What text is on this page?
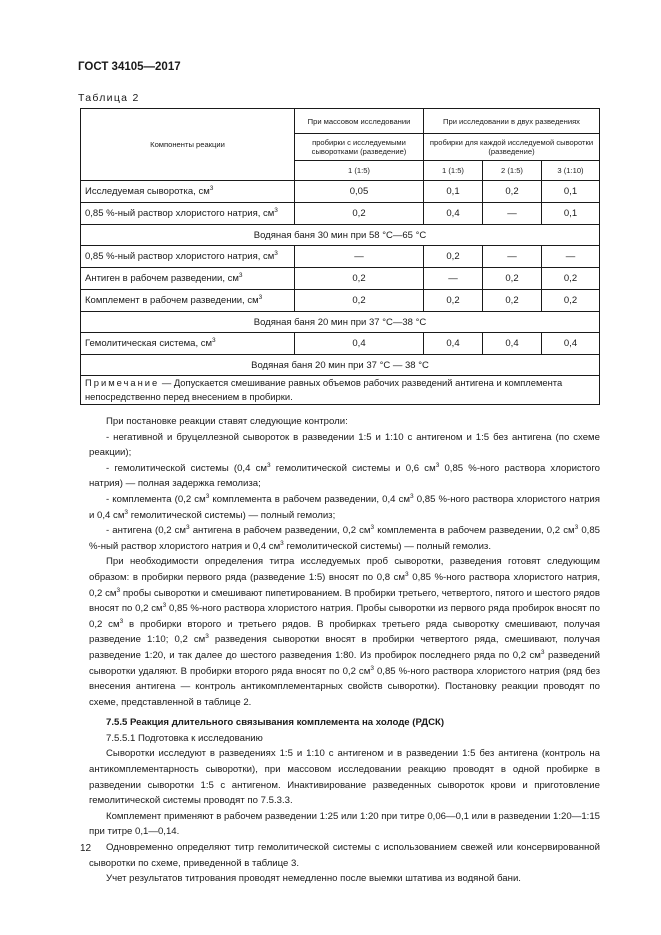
ГОСТ 34105—2017
Таблица 2
Компоненты реакции	При массовом исследовании	При исследовании в двух разведениях		
	пробирки с исследуемыми сыворотками (разведение)	пробирки для каждой исследуемой сыворотки (разведение)		
	1 (1:5)	1 (1:5)	2 (1:5)	3 (1:10)
Исследуемая сыворотка, $см^3$	0,05	0,1	0,2	0,1
0,85 %-ный раствор хлористого натрия, $см^3$	0,2	0,4	—	0,1
Водяная баня 30 мин при 58 °С—65 °С				
0,85 %-ный раствор хлористого натрия, $см^3$	—	0,2	—	—
Антиген в рабочем разведении, $см^3$	0,2	—	0,2	0,2
Комплемент в рабочем разведении, $см^3$	0,2	0,2	0,2	0,2
Водяная баня 20 мин при 37 °С—38 °С				
Гемолитическая система, $см^3$	0,4	0,4	0,4	0,4
Водяная баня 20 мин при 37 °С — 38 °С				
Примечание — Допускается смешивание равных объемов рабочих разведений антигена и комплемента непосредственно перед внесением в пробирки.				

При постановке реакции ставят следующие контроли:

- негативной и бруцеллезной сывороток в разведении 1:5 и 1:10 с антигеном и 1:5 без антигена (по схеме реакции);

- гемолитической системы (0,4 $см^3$ гемолитической системы и 0,6 $см^3$ 0,85 %-ного раствора хлористого натрия) — полная задержка гемолиза;

- комплемента (0,2 $см^3$ комплемента в рабочем разведении, 0,4 $см^3$ 0,85 %-ного раствора хлористого натрия и 0,4 $см^3$ гемолитической системы) — полный гемолиз;

- антигена (0,2 $см^3$ антигена в рабочем разведении, 0,2 $см^3$ комплемента в рабочем разведении, 0,2 $см^3$ 0,85 %-ный раствор хлористого натрия и 0,4 $см^3$ гемолитической системы) — полный гемолиз.

При необходимости определения титра исследуемых проб сыворотки, разведения готовят следующим образом: в пробирки первого ряда (разведение 1:5) вносят по 0,8 $см^3$ 0,85 %-ного раствора хлористого натрия, 0,2 $см^3$ пробы сыворотки и смешивают пипетированием. В пробирки третьего, четвертого, пятого и шестого рядов вносят по 0,2 $см^3$ 0,85 %-ного раствора хлористого натрия. Пробы сыворотки из первого ряда пробирок вносят по 0,2 $см^3$ в пробирки второго и третьего рядов. В пробирках третьего ряда сыворотку смешивают, получая разведение 1:10; 0,2 $см^3$ разведения сыворотки вносят в пробирки четвертого ряда, смешивают, получая разведение 1:20, и так далее до шестого разведения 1:80. Из пробирок последнего ряда по 0,2 $см^3$ разведений сыворотки удаляют. В пробирки второго ряда вносят по 0,2 $см^3$ 0,85 %-ного раствора хлористого натрия (ряд без внесения антигена — контроль антикомплементарных свойств сыворотки). Постановку реакции проводят по схеме, представленной в таблице 2.

7.5.5 Реакция длительного связывания комплемента на холоде (РДСК)

7.5.5.1 Подготовка к исследованию

Сыворотки исследуют в разведениях 1:5 и 1:10 с антигеном и в разведении 1:5 без антигена (контроль на антикомплементарность сыворотки), при массовом исследовании реакцию проводят в одной пробирке в разведении сыворотки 1:5 с антигеном. Инактивирование разведенных сывороток крови и приготовление гемолитической системы проводят по 7.5.3.3.

Комплемент применяют в рабочем разведении 1:25 или 1:20 при титре 0,06—0,1 или в разведении 1:20—1:15 при титре 0,1—0,14.

Одновременно определяют титр гемолитической системы с использованием свежей или консервированной сыворотки по схеме, приведенной в таблице 3.

Учет результатов титрования проводят немедленно после выемки штатива из водяной бани.

12
